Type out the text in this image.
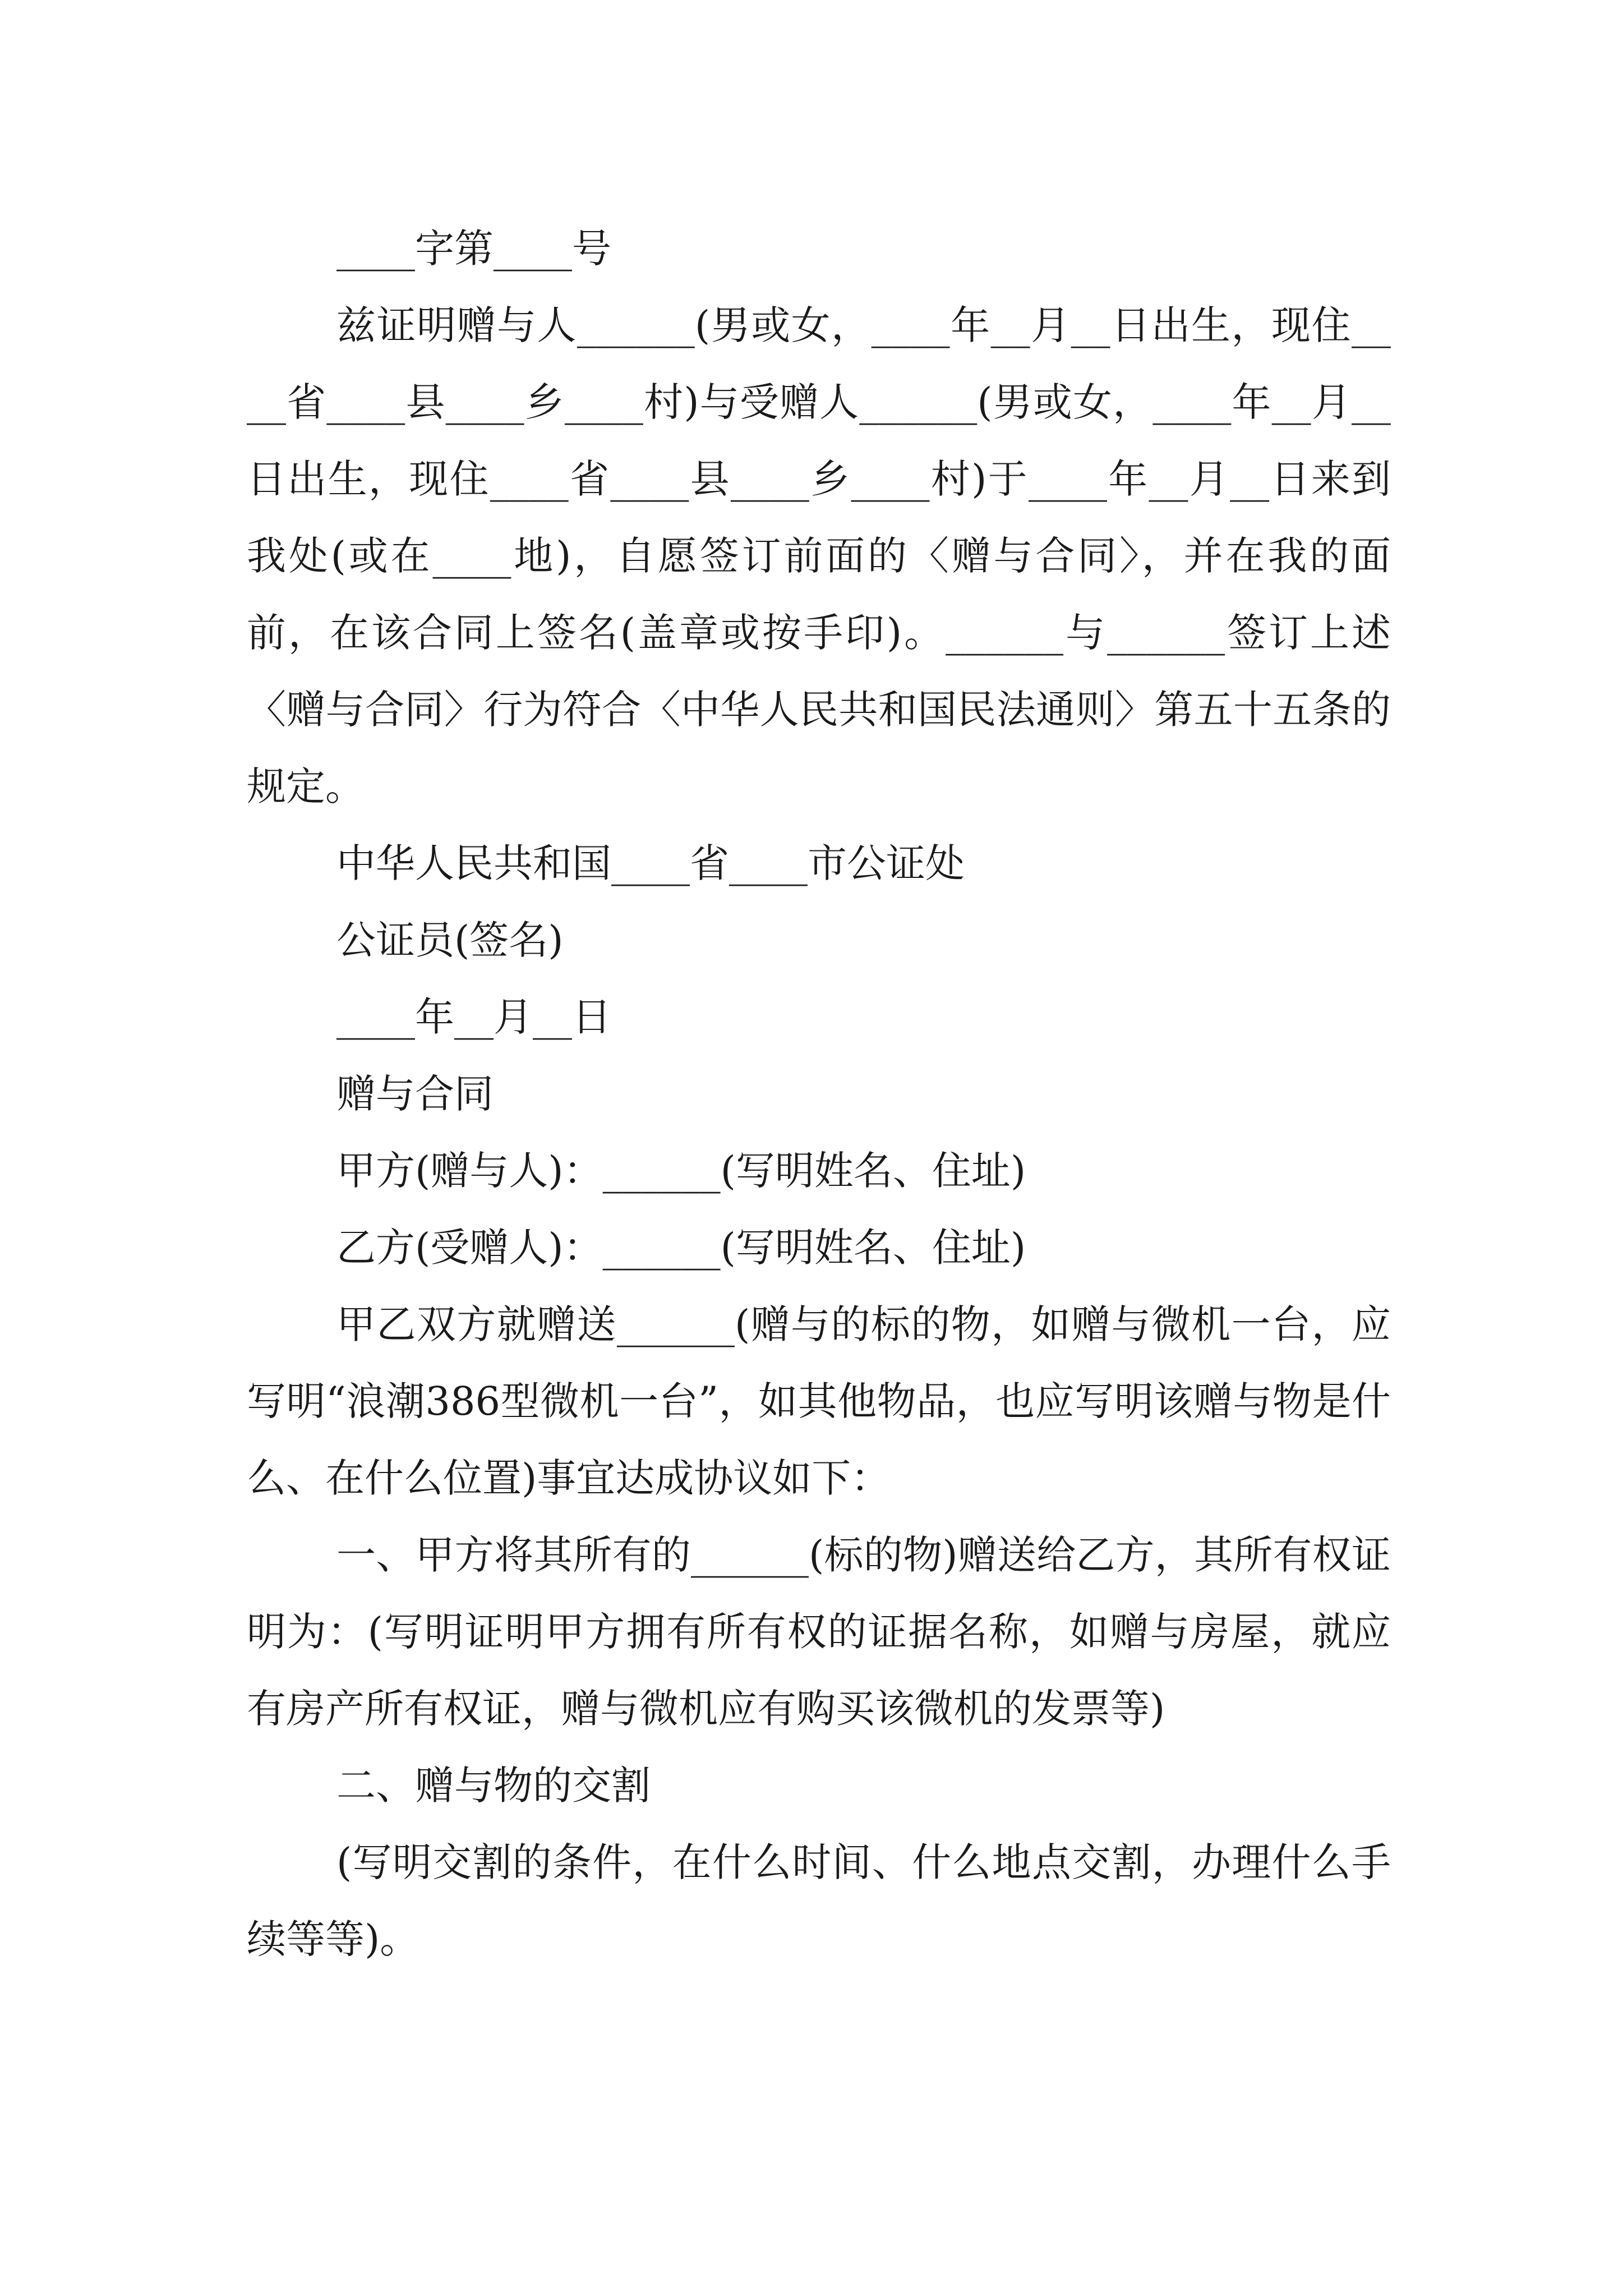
____字第____号

兹证明赠与人______(男或女，____年__月__日出生，现住____省____县____乡____村)与受赠人______(男或女，____年__月__日出生，现住____省____县____乡____村)于____年__月__日来到我处(或在____地)，自愿签订前面的〈赠与合同〉，并在我的面前，在该合同上签名(盖章或按手印)。______与______签订上述〈赠与合同〉行为符合〈中华人民共和国民法通则〉第五十五条的规定。

中华人民共和国____省____市公证处

公证员(签名)

____年__月__日

赠与合同

甲方(赠与人)：______(写明姓名、住址)

乙方(受赠人)：______(写明姓名、住址)

甲乙双方就赠送______(赠与的标的物，如赠与微机一台，应写明“浪潮386型微机一台”，如其他物品，也应写明该赠与物是什么、在什么位置)事宜达成协议如下：

一、甲方将其所有的______(标的物)赠送给乙方，其所有权证明为：(写明证明甲方拥有所有权的证据名称，如赠与房屋，就应有房产所有权证，赠与微机应有购买该微机的发票等)

二、赠与物的交割

(写明交割的条件，在什么时间、什么地点交割，办理什么手续等等)。
